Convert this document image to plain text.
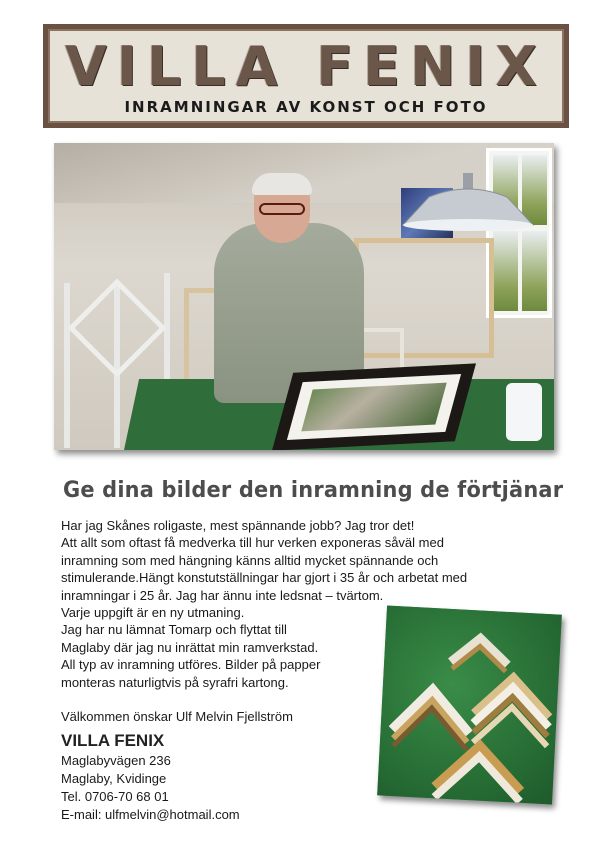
VILLA FENIX
INRAMNINGAR AV KONST OCH FOTO
Ge dina bilder den inramning de förtjänar

Har jag Skånes roligaste, mest spännande jobb? Jag tror det!

Att allt som oftast få medverka till hur verken exponeras såväl med

inramning som med hängning känns alltid mycket spännande och

stimulerande.Hängt konstutställningar har gjort i 35 år och arbetat med

inramningar i 25 år. Jag har ännu inte ledsnat – tvärtom.

Varje uppgift är en ny utmaning.

Jag har nu lämnat Tomarp och flyttat till

Maglaby där jag nu inrättat min ramverkstad.

All typ av inramning utföres. Bilder på papper

monteras naturligtvis på syrafri kartong.

Välkommen önskar Ulf Melvin Fjellström
VILLA FENIX

Maglabyvägen 236

Maglaby, Kvidinge

Tel. 0706-70 68 01

E-mail: ulfmelvin@hotmail.com
